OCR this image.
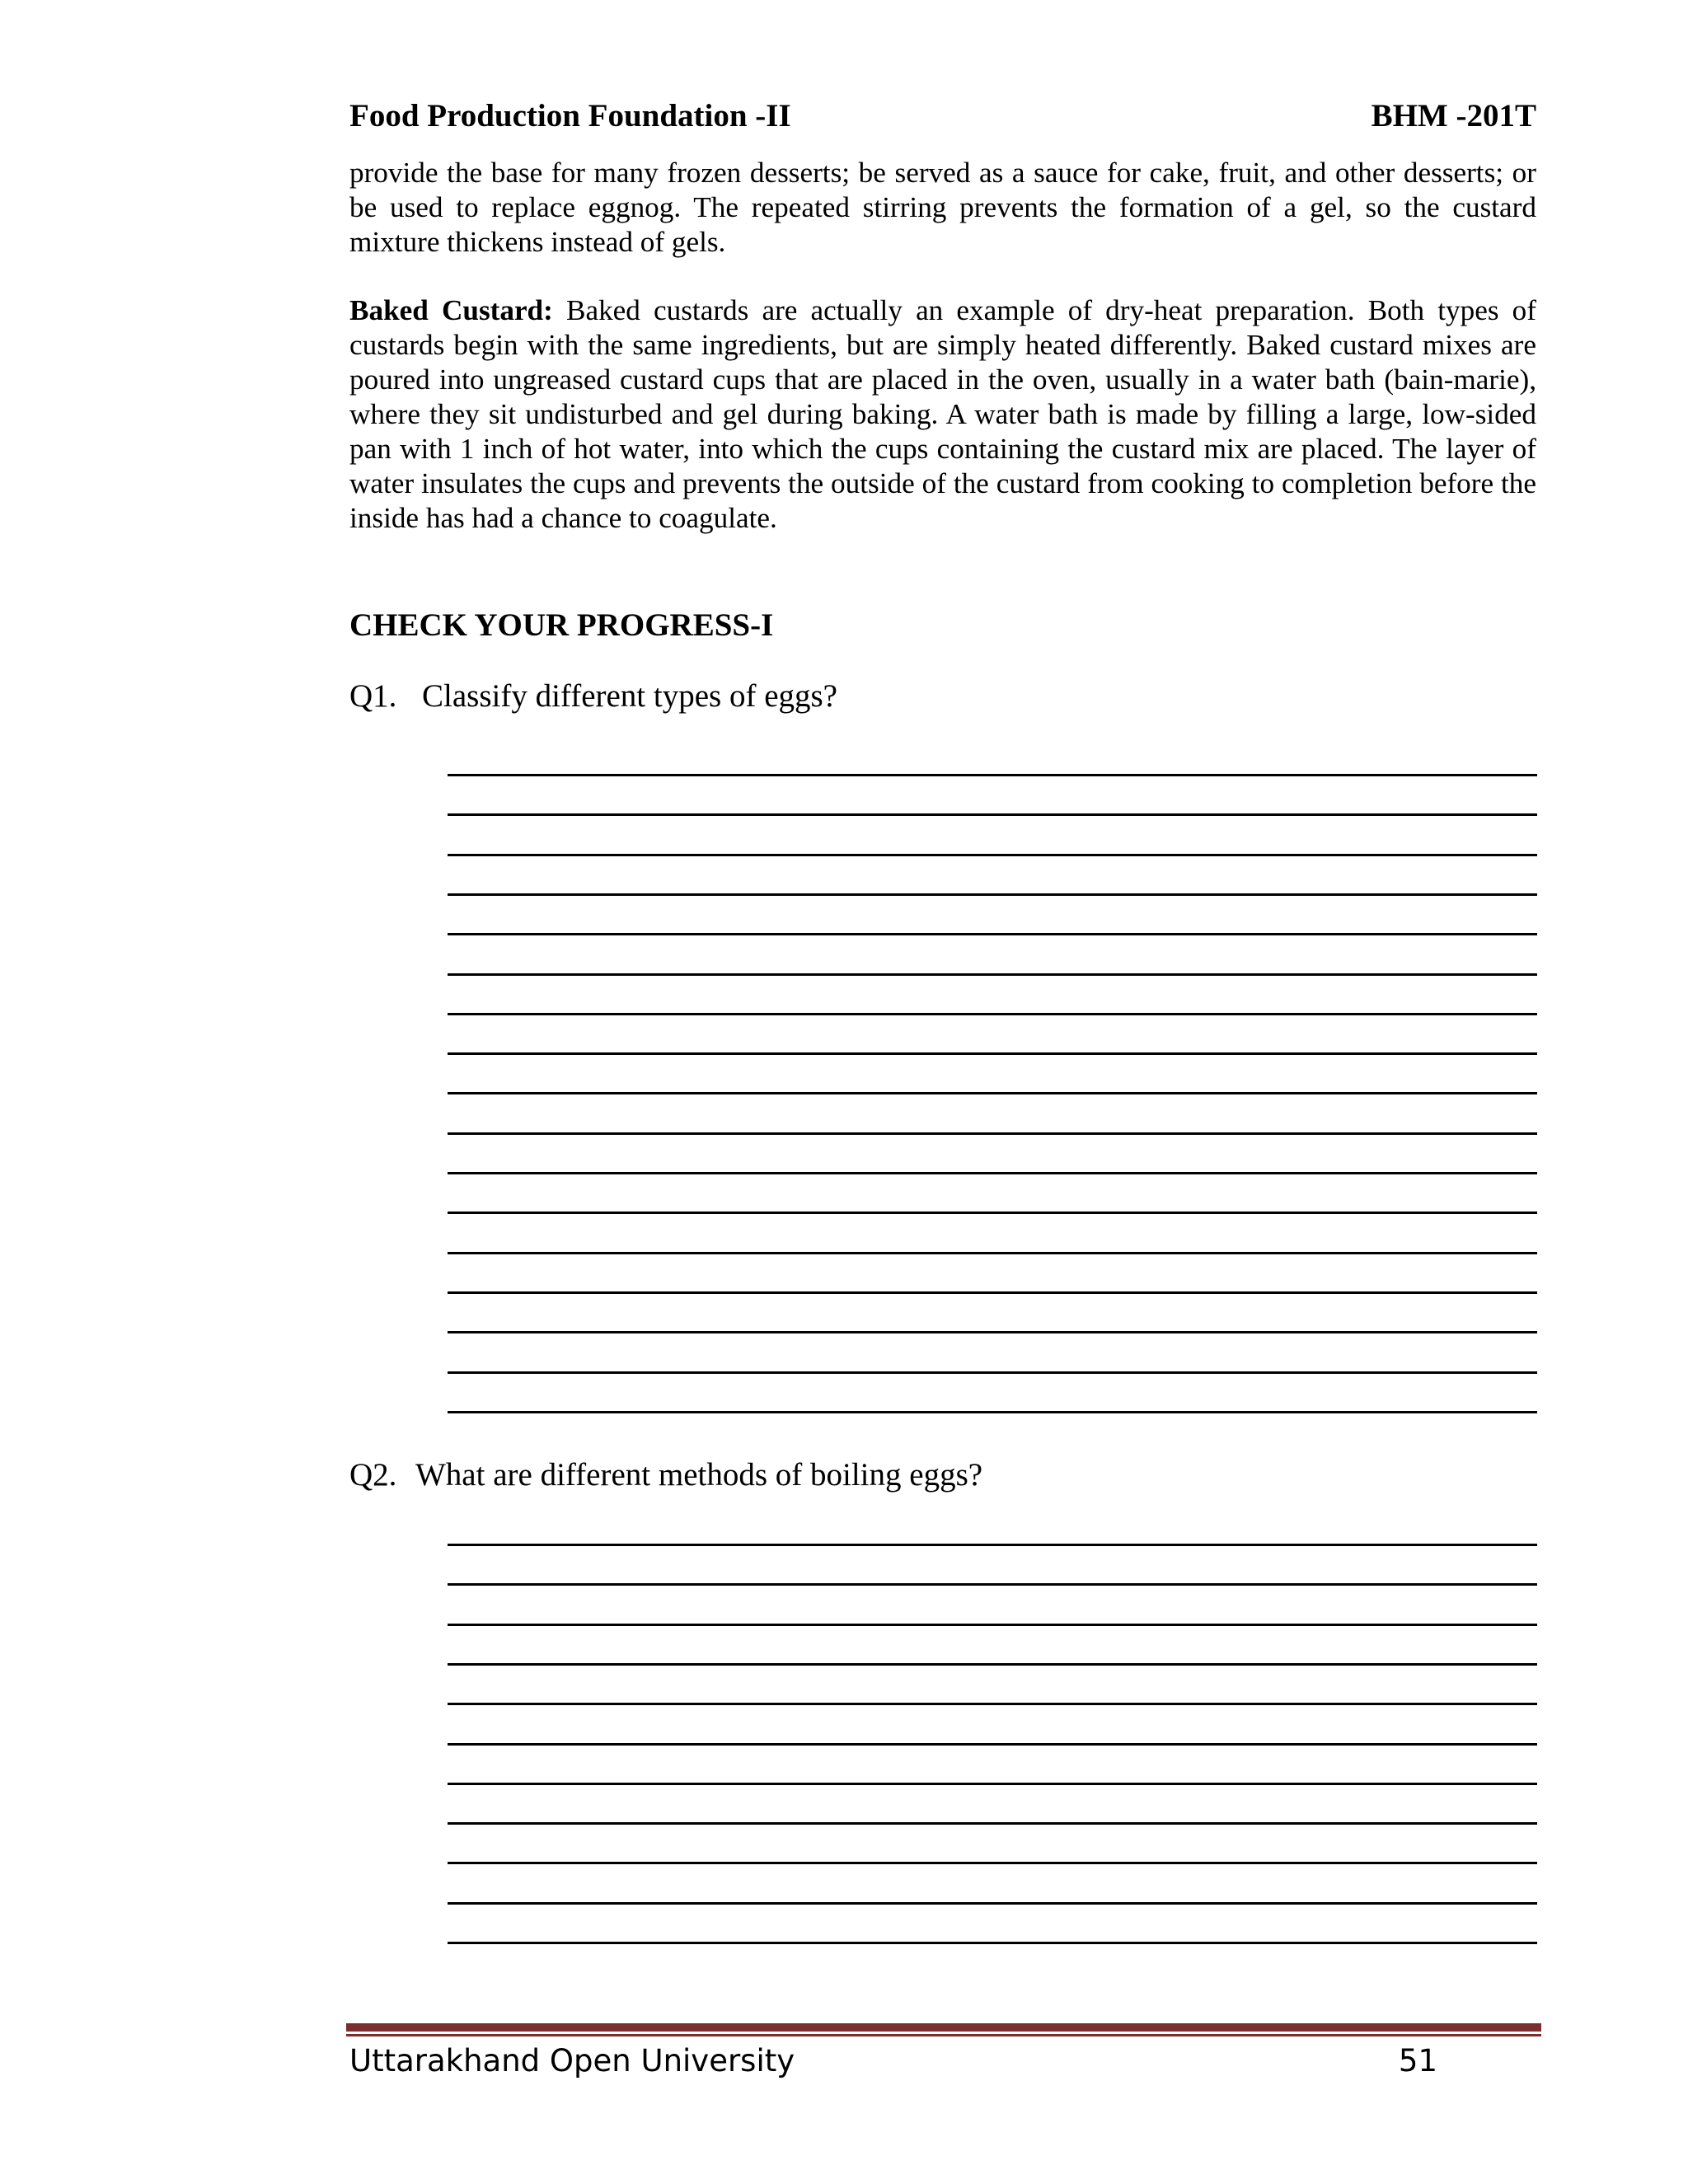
Food Production Foundation -II	BHM -201T

provide the base for many frozen desserts; be served as a sauce for cake, fruit, and other desserts; or be used to replace eggnog. The repeated stirring prevents the formation of a gel, so the custard mixture thickens instead of gels.

Baked Custard: Baked custards are actually an example of dry-heat preparation. Both types of custards begin with the same ingredients, but are simply heated differently. Baked custard mixes are poured into ungreased custard cups that are placed in the oven, usually in a water bath (bain-marie), where they sit undisturbed and gel during baking. A water bath is made by filling a large, low-sided pan with 1 inch of hot water, into which the cups containing the custard mix are placed. The layer of water insulates the cups and prevents the outside of the custard from cooking to completion before the inside has had a chance to coagulate.

CHECK YOUR PROGRESS-I

Q1. Classify different types of eggs?

Q2. What are different methods of boiling eggs?

Uttarakhand Open University	51
